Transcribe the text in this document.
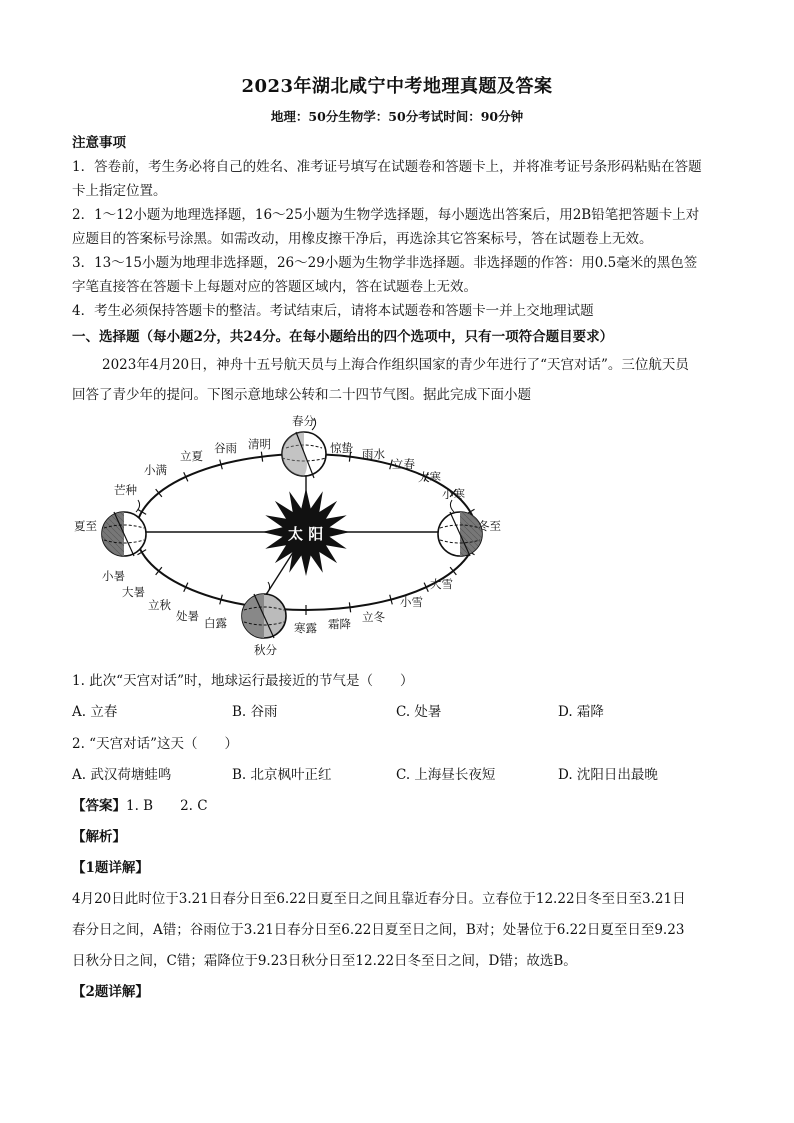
2023年湖北咸宁中考地理真题及答案
地理：50分生物学：50分考试时间：90分钟
注意事项
1．答卷前，考生务必将自己的姓名、准考证号填写在试题卷和答题卡上，并将准考证号条形码粘贴在答题
卡上指定位置。
2．1～12小题为地理选择题，16～25小题为生物学选择题，每小题选出答案后，用2B铅笔把答题卡上对
应题目的答案标号涂黑。如需改动，用橡皮擦干净后，再选涂其它答案标号，答在试题卷上无效。
3．13～15小题为地理非选择题，26～29小题为生物学非选择题。非选择题的作答：用0.5毫米的黑色签
字笔直接答在答题卡上每题对应的答题区域内，答在试题卷上无效。
4．考生必须保持答题卡的整洁。考试结束后，请将本试题卷和答题卡一并上交地理试题
一、选择题（每小题2分，共24分。在每小题给出的四个选项中，只有一项符合题目要求）
2023年4月20日，神舟十五号航天员与上海合作组织国家的青少年进行了“天宫对话”。三位航天员
回答了青少年的提问。下图示意地球公转和二十四节气图。据此完成下面小题
太 阳
春分
惊蛰 雨水
立春
大寒
小寒
冬至
大雪
小雪
立冬
霜降
寒露
秋分
白露
处暑
立秋
大暑
小暑
夏至
芒种
小满
立夏
谷雨 清明
1. 此次“天宫对话”时，地球运行最接近的节气是（　　）
A. 立春	B. 谷雨	C. 处暑	D. 霜降
2. “天宫对话”这天（　　）
A. 武汉荷塘蛙鸣	B. 北京枫叶正红	C. 上海昼长夜短	D. 沈阳日出最晚
【答案】1. B　　2. C
【解析】
【1题详解】
4月20日此时位于3.21日春分日至6.22日夏至日之间且靠近春分日。立春位于12.22日冬至日至3.21日
春分日之间，A错；谷雨位于3.21日春分日至6.22日夏至日之间，B对；处暑位于6.22日夏至日至9.23
日秋分日之间，C错；霜降位于9.23日秋分日至12.22日冬至日之间，D错；故选B。
【2题详解】
